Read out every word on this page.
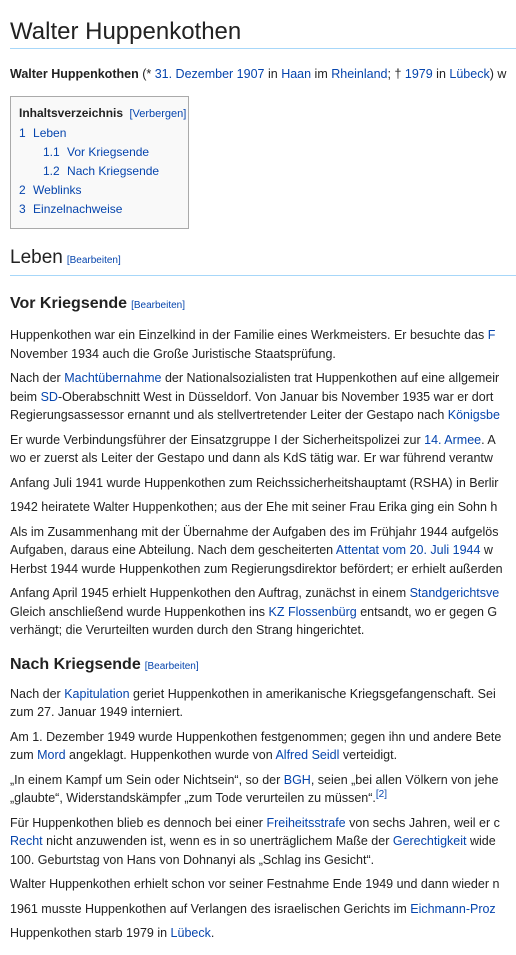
Walter Huppenkothen

Walter Huppenkothen (* 31. Dezember 1907 in Haan im Rheinland; † 1979 in Lübeck) w

Inhaltsverzeichnis [Verbergen]
1 Leben
1.1 Vor Kriegsende
1.2 Nach Kriegsende
2 Weblinks
3 Einzelnachweise
Leben [Bearbeiten]
Vor Kriegsende [Bearbeiten]

Huppenkothen war ein Einzelkind in der Familie eines Werkmeisters. Er besuchte das F

November 1934 auch die Große Juristische Staatsprüfung.

Nach der Machtübernahme der Nationalsozialisten trat Huppenkothen auf eine allgemeir

beim SD-Oberabschnitt West in Düsseldorf. Von Januar bis November 1935 war er dort

Regierungsassessor ernannt und als stellvertretender Leiter der Gestapo nach Königsbe

Er wurde Verbindungsführer der Einsatzgruppe I der Sicherheitspolizei zur 14. Armee. A

wo er zuerst als Leiter der Gestapo und dann als KdS tätig war. Er war führend verantw

Anfang Juli 1941 wurde Huppenkothen zum Reichssicherheitshauptamt (RSHA) in Berlir

1942 heiratete Walter Huppenkothen; aus der Ehe mit seiner Frau Erika ging ein Sohn h

Als im Zusammenhang mit der Übernahme der Aufgaben des im Frühjahr 1944 aufgelös

Aufgaben, daraus eine Abteilung. Nach dem gescheiterten Attentat vom 20. Juli 1944 w

Herbst 1944 wurde Huppenkothen zum Regierungsdirektor befördert; er erhielt außerden

Anfang April 1945 erhielt Huppenkothen den Auftrag, zunächst in einem Standgerichtsve

Gleich anschließend wurde Huppenkothen ins KZ Flossenbürg entsandt, wo er gegen G

verhängt; die Verurteilten wurden durch den Strang hingerichtet.

Nach Kriegsende [Bearbeiten]

Nach der Kapitulation geriet Huppenkothen in amerikanische Kriegsgefangenschaft. Sei

zum 27. Januar 1949 interniert.

Am 1. Dezember 1949 wurde Huppenkothen festgenommen; gegen ihn und andere Bete

zum Mord angeklagt. Huppenkothen wurde von Alfred Seidl verteidigt.

„In einem Kampf um Sein oder Nichtsein“, so der BGH, seien „bei allen Völkern von jehe

„glaubte“, Widerstandskämpfer „zum Tode verurteilen zu müssen“.[2]

Für Huppenkothen blieb es dennoch bei einer Freiheitsstrafe von sechs Jahren, weil er c

Recht nicht anzuwenden ist, wenn es in so unerträglichem Maße der Gerechtigkeit wide

100. Geburtstag von Hans von Dohnanyi als „Schlag ins Gesicht“.

Walter Huppenkothen erhielt schon vor seiner Festnahme Ende 1949 und dann wieder n

1961 musste Huppenkothen auf Verlangen des israelischen Gerichts im Eichmann-Proz

Huppenkothen starb 1979 in Lübeck.
